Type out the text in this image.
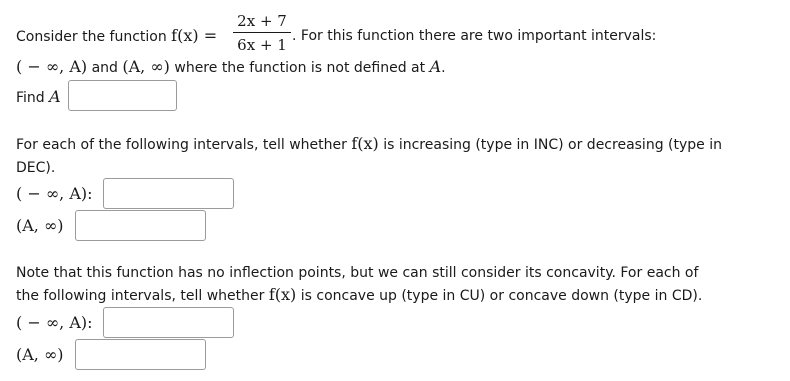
Consider the function f(x) =
2x + 7
6x + 1 . For this function there are two important intervals:
( − ∞, A) and (A, ∞) where the function is not defined at A.
Find A
For each of the following intervals, tell whether f(x) is increasing (type in INC) or decreasing (type in
DEC).
( − ∞, A):
(A, ∞)
Note that this function has no inflection points, but we can still consider its concavity. For each of
the following intervals, tell whether f(x) is concave up (type in CU) or concave down (type in CD).
( − ∞, A):
(A, ∞)
